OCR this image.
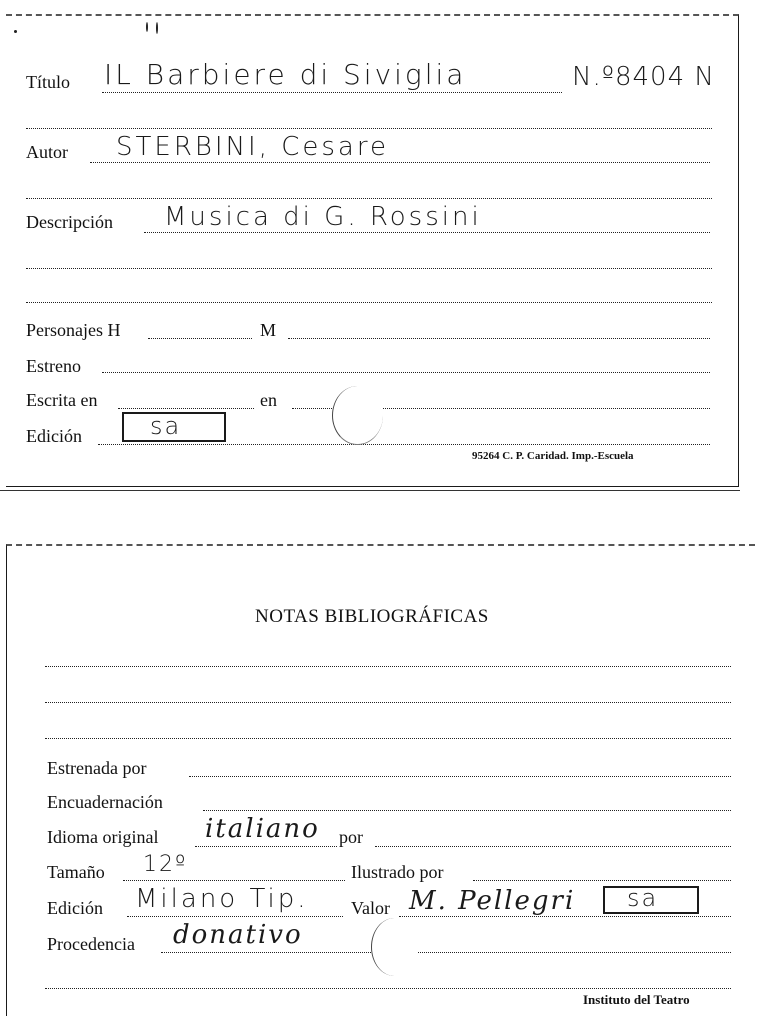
Título IL Barbiere di Siviglia	N.º8404 N
Autor STERBINI, Cesare
Descripción Musica di G. Rossini
Personajes H	M
Estreno
Escrita en	en
Edición	sa
95264 C. P. Caridad. Imp.-Escuela
NOTAS BIBLIOGRÁFICAS
Estrenada por
Encuadernación
Idioma original italiano por
Tamaño 12º	Ilustrado por
Edición Milano Tip. Valor M. Pellegri sa
Procedencia donativo
Instituto del Teatro
